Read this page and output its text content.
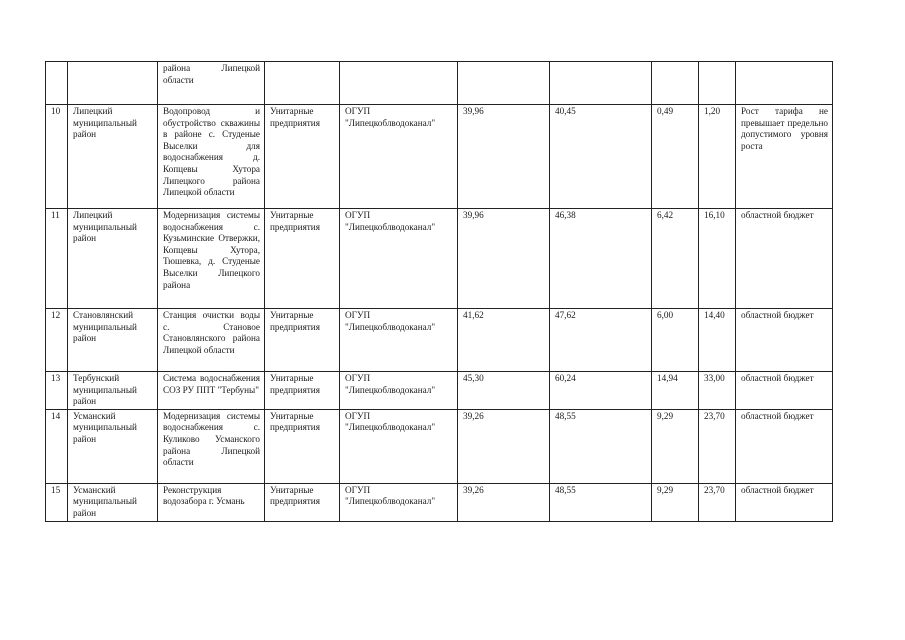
		района Липецкой области							
10	Липецкий муниципальный район	Водопровод и обустройство скважины в районе с. Студеные Выселки для водоснабжения д. Копцевы Хутора Липецкого района Липецкой области	Унитарные предприятия	ОГУП "Липецкоблводоканал"	39,96	40,45	0,49	1,20	Рост тарифа не превышает предельно допустимого уровня роста
11	Липецкий муниципальный район	Модернизация системы водоснабжения с. Кузьминские Отвержки, Копцевы Хутора, Тюшевка, д. Студеные Выселки Липецкого района	Унитарные предприятия	ОГУП "Липецкоблводоканал"	39,96	46,38	6,42	16,10	областной бюджет
12	Становлянский муниципальный район	Станция очистки воды с. Становое Становлянского района Липецкой области	Унитарные предприятия	ОГУП "Липецкоблводоканал"	41,62	47,62	6,00	14,40	областной бюджет
13	Тербунский муниципальный район	Система водоснабжения СОЗ РУ ППТ "Тербуны"	Унитарные предприятия	ОГУП "Липецкоблводоканал"	45,30	60,24	14,94	33,00	областной бюджет
14	Усманский муниципальный район	Модернизация системы водоснабжения с. Куликово Усманского района Липецкой области	Унитарные предприятия	ОГУП "Липецкоблводоканал"	39,26	48,55	9,29	23,70	областной бюджет
15	Усманский муниципальный район	Реконструкция водозабора г. Усмань	Унитарные предприятия	ОГУП "Липецкоблводоканал"	39,26	48,55	9,29	23,70	областной бюджет
